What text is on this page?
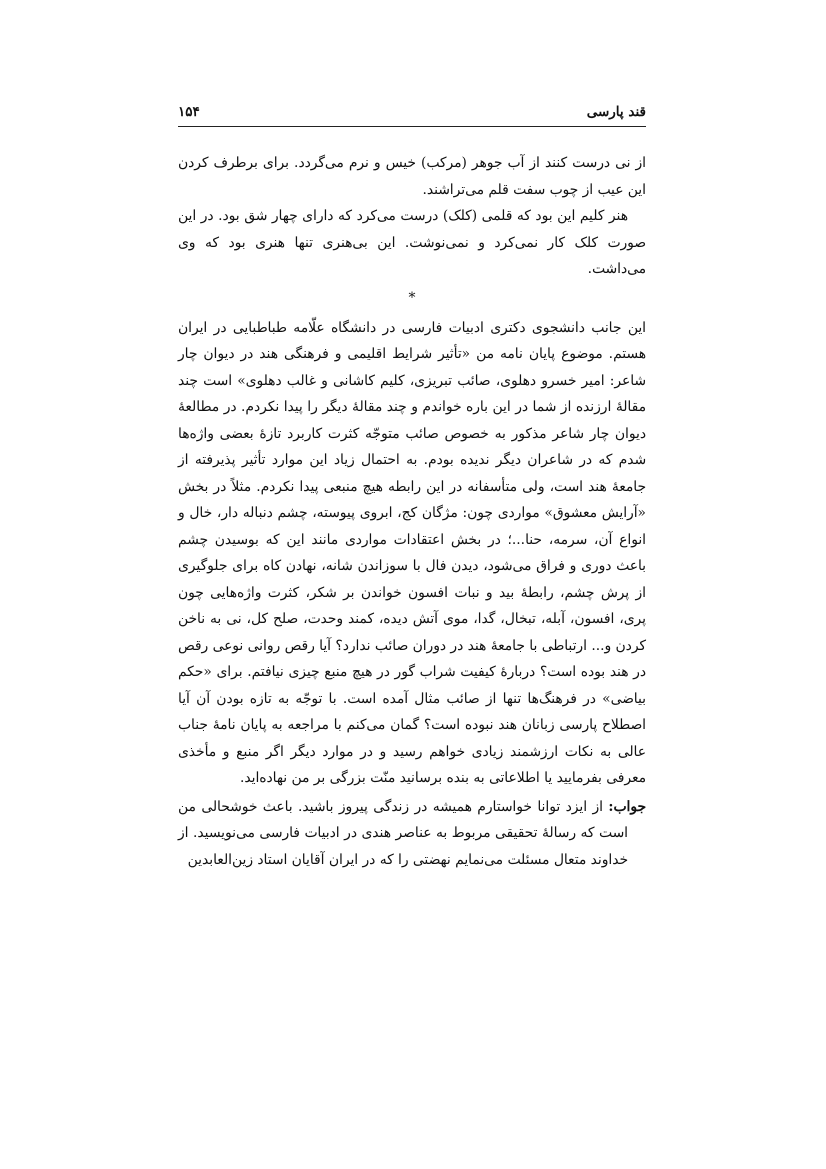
قند پارسی
۱۵۴

از نی درست کنند از آب جوهر (مرکب) خیس و نرم می‌گردد. برای برطرف کردن این عیب از چوب سفت قلم می‌تراشند.

هنر کلیم این بود که قلمی (کلک) درست می‌کرد که دارای چهار شق بود. در این صورت کلک کار نمی‌کرد و نمی‌نوشت. این بی‌هنری تنها هنری بود که وی می‌داشت.

*

این جانب دانشجوی دکتری ادبیات فارسی در دانشگاه علّامه طباطبایی در ایران هستم. موضوع پایان نامه من «تأثیر شرایط اقلیمی و فرهنگی هند در دیوان چار شاعر: امیر خسرو دهلوی، صائب تبریزی، کلیم کاشانی و غالب دهلوی» است چند مقالهٔ ارزنده از شما در این باره خواندم و چند مقالهٔ دیگر را پیدا نکردم. در مطالعهٔ دیوان چار شاعر مذکور به خصوص صائب متوجّه کثرت کاربرد تازهٔ بعضی واژه‌ها شدم که در شاعران دیگر ندیده بودم. به احتمال زیاد این موارد تأثیر پذیرفته از جامعهٔ هند است، ولی متأسفانه در این رابطه هیچ منبعی پیدا نکردم. مثلاً در بخش «آرایش معشوق» مواردی چون: مژگان کج، ابروی پیوسته، چشم دنباله دار، خال و انواع آن، سرمه، حنا...؛ در بخش اعتقادات مواردی مانند این که بوسیدن چشم باعث دوری و فراق می‌شود، دیدن فال با سوزاندن شانه، نهادن کاه برای جلوگیری از پرش چشم، رابطهٔ بید و نبات افسون خواندن بر شکر، کثرت واژه‌هایی چون پری، افسون، آبله، تبخال، گدا، موی آتش دیده، کمند وحدت، صلح کل، نی به ناخن کردن و... ارتباطی با جامعهٔ هند در دوران صائب ندارد؟ آیا رقص روانی نوعی رقص در هند بوده است؟ دربارهٔ کیفیت شراب گور در هیچ منبع چیزی نیافتم. برای «حکم بیاضی» در فرهنگ‌ها تنها از صائب مثال آمده است. با توجّه به تازه بودن آن آیا اصطلاح پارسی زبانان هند نبوده است؟ گمان می‌کنم با مراجعه به پایان نامهٔ جناب عالی به نکات ارزشمند زیادی خواهم رسید و در موارد دیگر اگر منبع و مأخذی معرفی بفرمایید یا اطلاعاتی به بنده برسانید منّت بزرگی بر من نهاده‌اید.

جواب: از ایزد توانا خواستارم همیشه در زندگی پیروز باشید. باعث خوشحالی من است که رسالهٔ تحقیقی مربوط به عناصر هندی در ادبیات فارسی می‌نویسید. از خداوند متعال مسئلت می‌نمایم نهضتی را که در ایران آقایان استاد زین‌العابدین
